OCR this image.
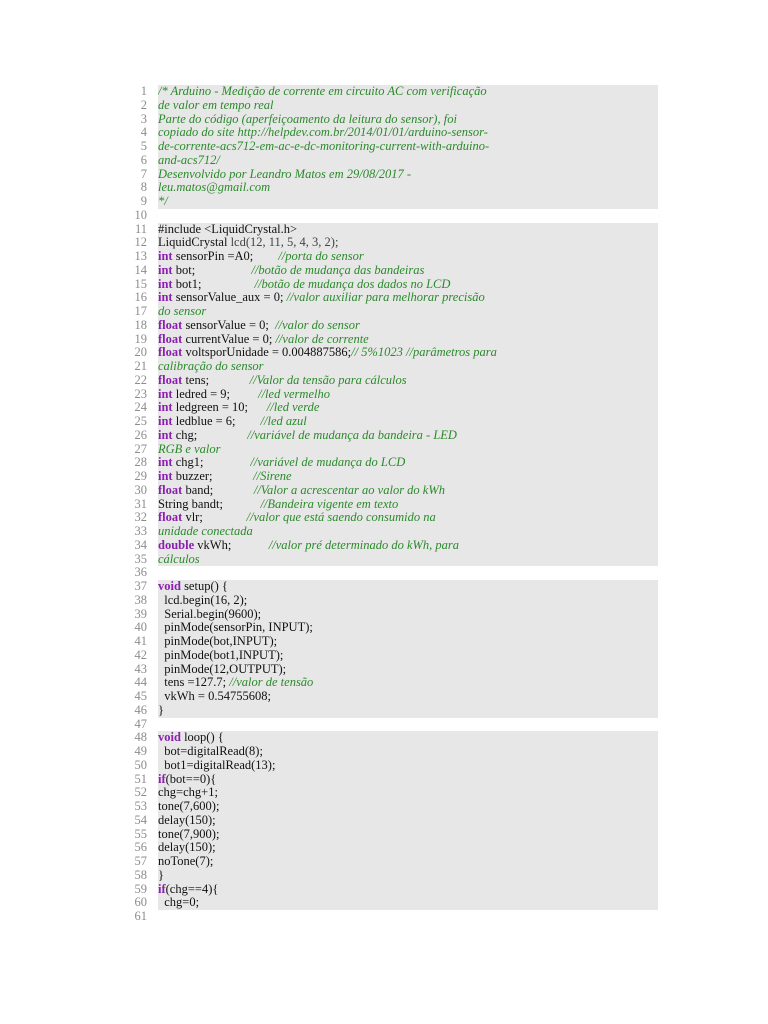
1 /* Arduino - Medição de corrente em circuito AC com verificação
2 de valor em tempo real
3 Parte do código (aperfeiçoamento da leitura do sensor), foi
4 copiado do site http://helpdev.com.br/2014/01/01/arduino-sensor-
5 de-corrente-acs712-em-ac-e-dc-monitoring-current-with-arduino-
6 and-acs712/
7 Desenvolvido por Leandro Matos em 29/08/2017 -
8 leu.matos@gmail.com
9 */
10
11 #include <LiquidCrystal.h>
12 LiquidCrystal lcd(12, 11, 5, 4, 3, 2);
13 int sensorPin =A0;        //porta do sensor
14 int bot;                  //botão de mudança das bandeiras
15 int bot1;                 //botão de mudança dos dados no LCD
16 int sensorValue_aux = 0; //valor auxiliar para melhorar precisão
17 do sensor
18 float sensorValue = 0;  //valor do sensor
19 float currentValue = 0; //valor de corrente
20 float voltsporUnidade = 0.004887586;// 5%1023 //parâmetros para
21 calibração do sensor
22 float tens;             //Valor da tensão para cálculos
23 int ledred = 9;         //led vermelho
24 int ledgreen = 10;      //led verde
25 int ledblue = 6;        //led azul
26 int chg;                //variável de mudança da bandeira - LED
27 RGB e valor
28 int chg1;               //variável de mudança do LCD
29 int buzzer;             //Sirene
30 float band;             //Valor a acrescentar ao valor do kWh
31 String bandt;            //Bandeira vigente em texto
32 float vlr;              //valor que está saendo consumido na
33 unidade conectada
34 double vkWh;            //valor pré determinado do kWh, para
35 cálculos
36
37 void setup() {
38 lcd.begin(16, 2);
39 Serial.begin(9600);
40 pinMode(sensorPin, INPUT);
41 pinMode(bot,INPUT);
42 pinMode(bot1,INPUT);
43 pinMode(12,OUTPUT);
44 tens =127.7; //valor de tensão
45 vkWh = 0.54755608;
46 }
47
48 void loop() {
49 bot=digitalRead(8);
50 bot1=digitalRead(13);
51 if(bot==0){
52 chg=chg+1;
53 tone(7,600);
54 delay(150);
55 tone(7,900);
56 delay(150);
57 noTone(7);
58 }
59 if(chg==4){
60 chg=0;
61
